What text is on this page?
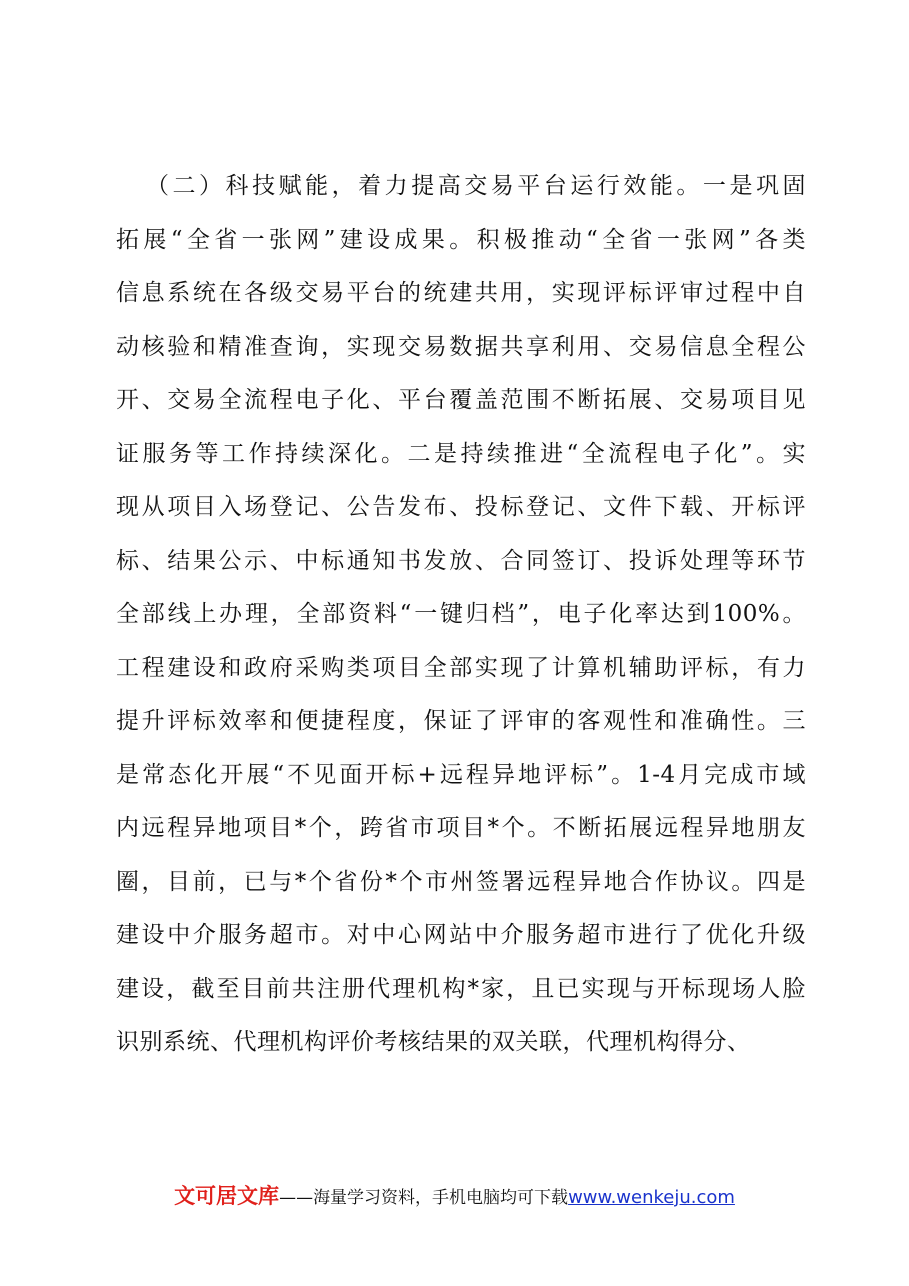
（二）科技赋能，着力提高交易平台运行效能。一是巩固
拓展“全省一张网”建设成果。积极推动“全省一张网”各类
信息系统在各级交易平台的统建共用，实现评标评审过程中自
动核验和精准查询，实现交易数据共享利用、交易信息全程公
开、交易全流程电子化、平台覆盖范围不断拓展、交易项目见
证服务等工作持续深化。二是持续推进“全流程电子化”。实
现从项目入场登记、公告发布、投标登记、文件下载、开标评
标、结果公示、中标通知书发放、合同签订、投诉处理等环节
全部线上办理，全部资料“一键归档”，电子化率达到100%。
工程建设和政府采购类项目全部实现了计算机辅助评标，有力
提升评标效率和便捷程度，保证了评审的客观性和准确性。三
是常态化开展“不见面开标+远程异地评标”。1-4月完成市域
内远程异地项目*个，跨省市项目*个。不断拓展远程异地朋友
圈，目前，已与*个省份*个市州签署远程异地合作协议。四是
建设中介服务超市。对中心网站中介服务超市进行了优化升级
建设，截至目前共注册代理机构*家，且已实现与开标现场人脸
识别系统、代理机构评价考核结果的双关联，代理机构得分、
文可居文库——海量学习资料，手机电脑均可下载www.wenkeju.com
